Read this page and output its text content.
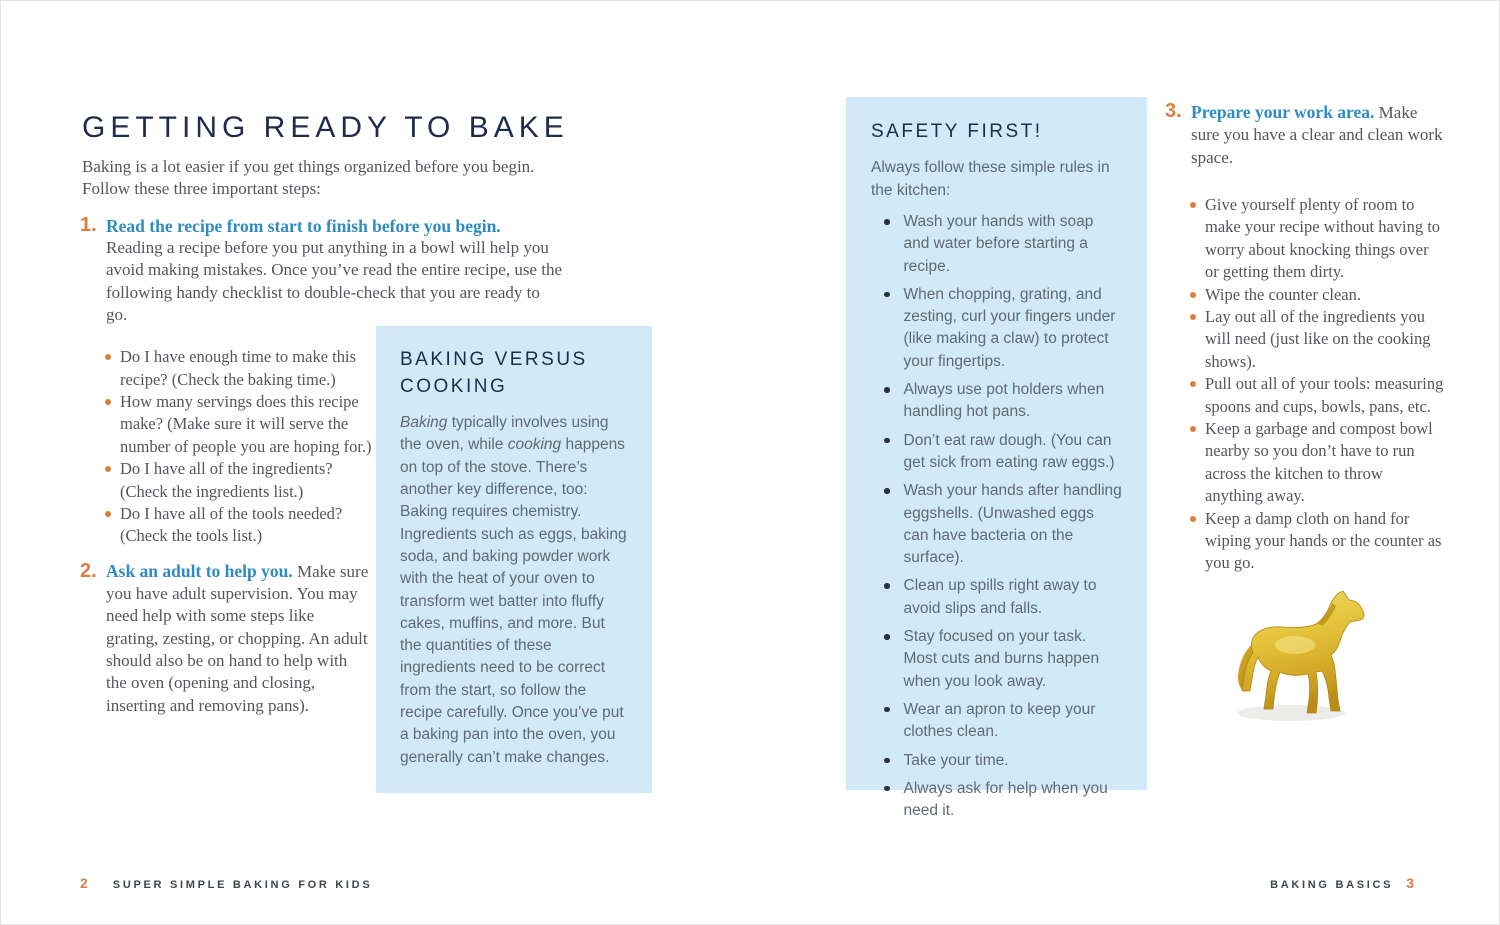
GETTING READY TO BAKE

Baking is a lot easier if you get things organized before you begin. Follow these three important steps:

1. Read the recipe from start to finish before you begin.
Reading a recipe before you put anything in a bowl will help you avoid making mistakes. Once you’ve read the entire recipe, use the following handy checklist to double-check that you are ready to go.
Do I have enough time to make this recipe? (Check the baking time.)
How many servings does this recipe make? (Make sure it will serve the number of people you are hoping for.)
Do I have all of the ingredients? (Check the ingredients list.)
Do I have all of the tools needed? (Check the tools list.)
2. Ask an adult to help you. Make sure you have adult supervision. You may need help with some steps like grating, zesting, or chopping. An adult should also be on hand to help with the oven (opening and closing, inserting and removing pans).
BAKING VERSUS COOKING

Baking typically involves using the oven, while cooking happens on top of the stove. There’s another key difference, too: Baking requires chemistry. Ingredients such as eggs, baking soda, and baking powder work with the heat of your oven to transform wet batter into fluffy cakes, muffins, and more. But the quantities of these ingredients need to be correct from the start, so follow the recipe carefully. Once you’ve put a baking pan into the oven, you generally can’t make changes.

SAFETY FIRST!

Always follow these simple rules in the kitchen:

Wash your hands with soap and water before starting a recipe.
When chopping, grating, and zesting, curl your fingers under (like making a claw) to protect your fingertips.
Always use pot holders when handling hot pans.
Don’t eat raw dough. (You can get sick from eating raw eggs.)
Wash your hands after handling eggshells. (Unwashed eggs can have bacteria on the surface).
Clean up spills right away to avoid slips and falls.
Stay focused on your task. Most cuts and burns happen when you look away.
Wear an apron to keep your clothes clean.
Take your time.
Always ask for help when you need it.
3. Prepare your work area. Make sure you have a clear and clean work space.
Give yourself plenty of room to make your recipe without having to worry about knocking things over or getting them dirty.
Wipe the counter clean.
Lay out all of the ingredients you will need (just like on the cooking shows).
Pull out all of your tools: measuring spoons and cups, bowls, pans, etc.
Keep a garbage and compost bowl nearby so you don’t have to run across the kitchen to throw anything away.
Keep a damp cloth on hand for wiping your hands or the counter as you go.
2 SUPER SIMPLE BAKING FOR KIDS	BAKING BASICS 3
